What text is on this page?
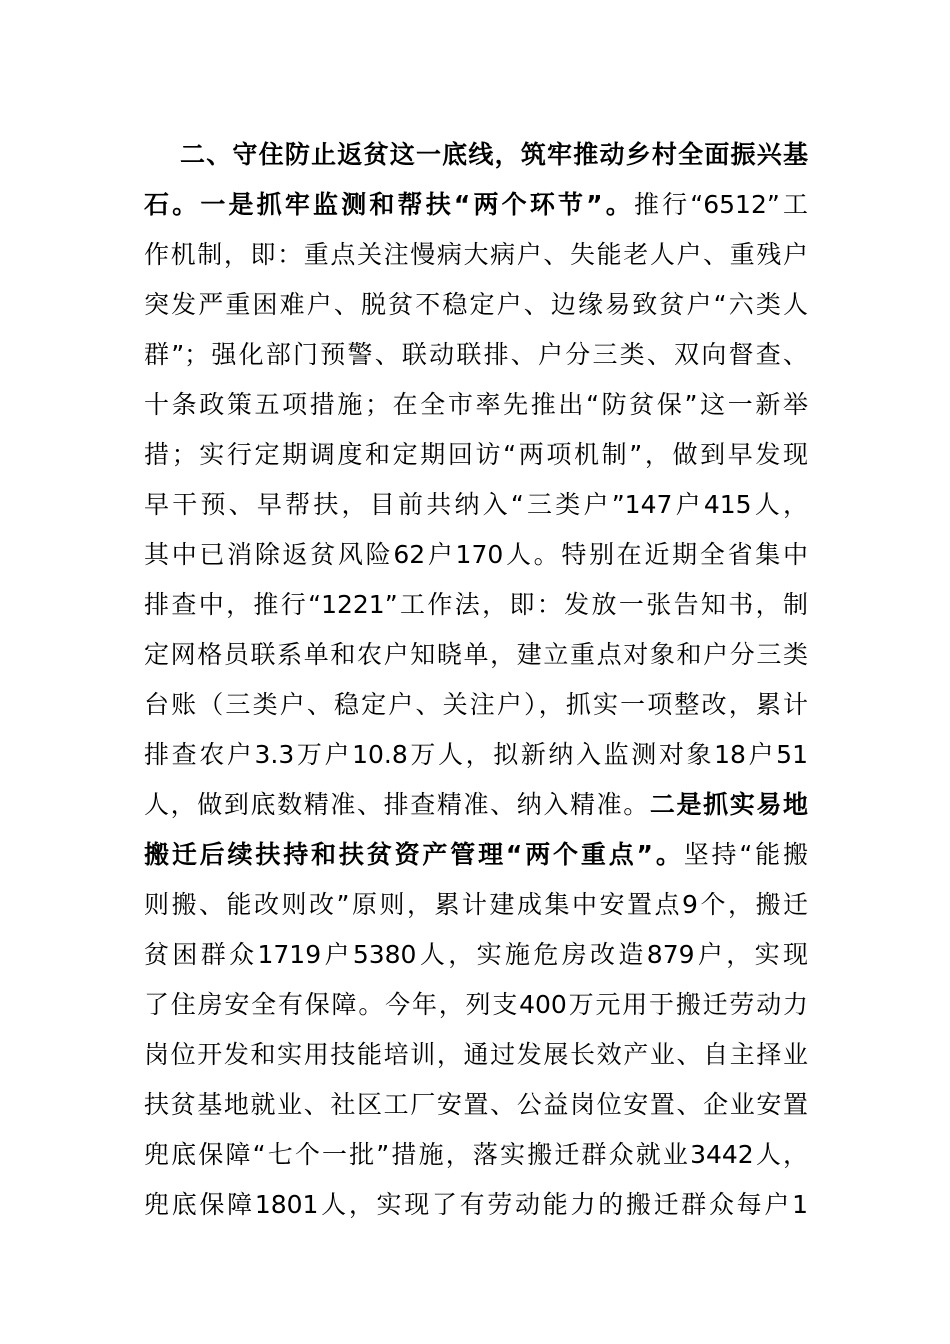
二、守住防止返贫这一底线，筑牢推动乡村全面振兴基
石。一是抓牢监测和帮扶“两个环节”。推行“6512”工
作机制，即：重点关注慢病大病户、失能老人户、重残户
突发严重困难户、脱贫不稳定户、边缘易致贫户“六类人
群”；强化部门预警、联动联排、户分三类、双向督查、
十条政策五项措施；在全市率先推出“防贫保”这一新举
措；实行定期调度和定期回访“两项机制”，做到早发现
早干预、早帮扶，目前共纳入“三类户”147户415人，
其中已消除返贫风险62户170人。特别在近期全省集中
排查中，推行“1221”工作法，即：发放一张告知书，制
定网格员联系单和农户知晓单，建立重点对象和户分三类
台账（三类户、稳定户、关注户），抓实一项整改，累计
排查农户3.3万户10.8万人，拟新纳入监测对象18户51
人，做到底数精准、排查精准、纳入精准。二是抓实易地
搬迁后续扶持和扶贫资产管理“两个重点”。坚持“能搬
则搬、能改则改”原则，累计建成集中安置点9个，搬迁
贫困群众1719户5380人，实施危房改造879户，实现
了住房安全有保障。今年，列支400万元用于搬迁劳动力
岗位开发和实用技能培训，通过发展长效产业、自主择业
扶贫基地就业、社区工厂安置、公益岗位安置、企业安置
兜底保障“七个一批”措施，落实搬迁群众就业3442人，
兜底保障1801人，实现了有劳动能力的搬迁群众每户1
